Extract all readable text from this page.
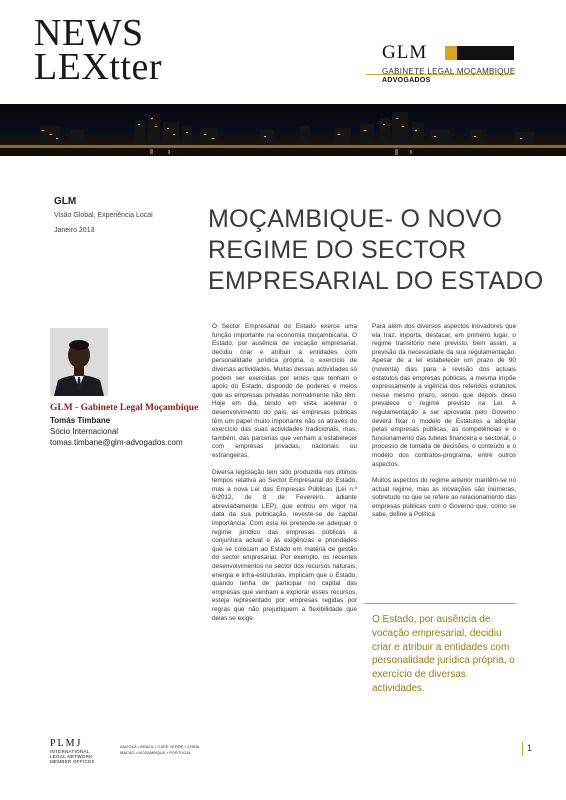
NEWS
LEXtter	GLM
GABINETE LEGAL MOÇAMBIQUE
ADVOGADOS
GLM
Visão Global, Experiência Local
Janeiro 2013	MOÇAMBIQUE- O NOVO
REGIME DO SECTOR
EMPRESARIAL DO ESTADO
GLM - Gabinete Legal Moçambique
Tomás Timbane
Sócio Internacional
tomas.timbane@glm-advogados.com

O Sector Empresarial do Estado exerce uma função importante na economia moçambicana. O Estado, por ausência de vocação empresarial, decidiu criar e atribuir a entidades com personalidade jurídica própria, o exercício de diversas actividades. Muitas dessas actividades só podem ser exercidas por entes que tenham o apoio do Estado, dispondo de poderes e meios que as empresas privadas normalmente não têm. Hoje em dia, tendo em vista acelerar o desenvolvimento do país, as empresas públicas têm um papel muito importante não só através do exercício das suas actividades tradicionais, mas, também, das parcerias que venham a estabelecer com empresas privadas, nacionais ou estrangeiras.

Diversa legislação tem sido produzida nos últimos tempos relativa ao Sector Empresarial do Estado, mas a nova Lei das Empresas Públicas (Lei n.º 6/2012, de 8 de Fevereiro, adiante abreviadamente LEP), que entrou em vigor na data da sua publicação, reveste-se de capital importância. Com esta lei pretende-se adequar o regime jurídico das empresas públicas à conjuntura actual e às exigências e prioridades que se colocam ao Estado em matéria de gestão do sector empresarial. Por exemplo, os recentes desenvolvimentos no sector dos recursos naturais, energia e infra-estruturas, implicam que o Estado, quando tenha de participar no capital das empresas que venham a explorar esses recursos, esteja representado por empresas regidas por regras que não prejudiquem a flexibilidade que delas se exige.

Para além dos diversos aspectos inovadores que ela traz, importa, destacar, em primeiro lugar, o regime transitório nele previsto, bem assim, a previsão da necessidade da sua regulamentação. Apesar de a lei estabelecer um prazo de 90 (noventa) dias para a revisão dos actuais estatutos das empresas públicas, a mesma impõe expressamente a vigência dos referidos estatutos nesse mesmo prazo, sendo que depois disso prevalece o regime previsto na Lei. A regulamentação a ser aprovada pelo Governo deverá fixar o modelo de Estatutos a adoptar pelas empresas públicas, as competências e o funcionamento das tutelas financeira e sectorial, o processo de tomada de decisões, o conteúdo e o modelo dos contratos-programa, entre outros aspectos.

Muitos aspectos do regime anterior mantêm-se no actual regime, mas as inovações são inúmeras, sobretudo no que se refere ao relacionamento das empresas públicas com o Governo que, como se sabe, define a Política

O Estado, por ausência de vocação empresarial, decidiu criar e atribuir a entidades com personalidade jurídica própria, o exercício de diversas actividades.
PLMJ
INTERNATIONAL
LEGAL NETWORK
MEMBER OFFICES
ANGOLA • BRAZIL • CAPE VERDE • CHINA
MACAO • MOZAMBIQUE • PORTUGAL	1
